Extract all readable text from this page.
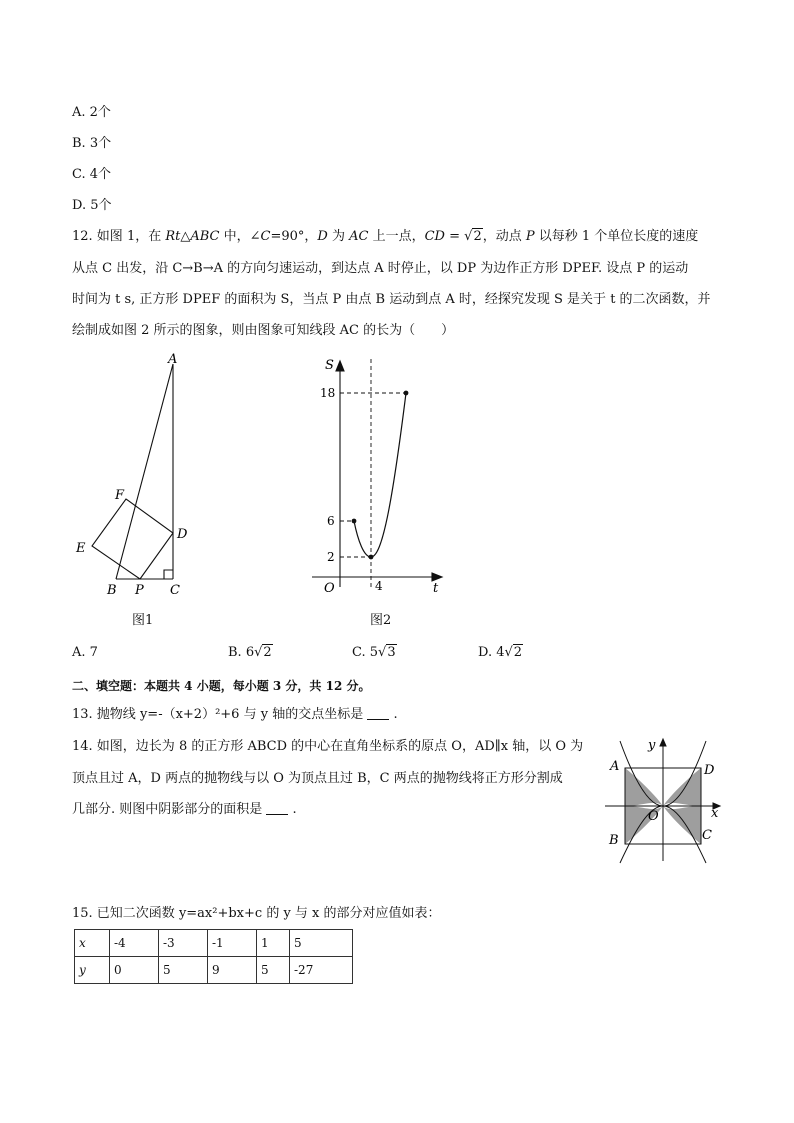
A. 2个
B. 3个
C. 4个
D. 5个
12. 如图 1，在 Rt△ABC 中，∠C=90°，D 为 AC 上一点，CD = √2，动点 P 以每秒 1 个单位长度的速度
从点 C 出发，沿 C→B→A 的方向匀速运动，到达点 A 时停止，以 DP 为边作正方形 DPEF. 设点 P 的运动
时间为 t s, 正方形 DPEF 的面积为 S，当点 P 由点 B 运动到点 A 时，经探究发现 S 是关于 t 的二次函数，并
绘制成如图 2 所示的图象，则由图象可知线段 AC 的长为（　　）
A
F
D
E
B P C
图1
S
18
6
2
O	4	t
图2
A. 7	B. 6√2	C. 5√3	D. 4√2
二、填空题：本题共 4 小题，每小题 3 分，共 12 分。
13. 抛物线 y=-（x+2）²+6 与 y 轴的交点坐标是  .
14. 如图，边长为 8 的正方形 ABCD 的中心在直角坐标系的原点 O，AD∥x 轴，以 O 为
顶点且过 A，D 两点的抛物线与以 O 为顶点且过 B，C 两点的抛物线将正方形分割成
几部分. 则图中阴影部分的面积是  .
A	D
y
x
O
B	C
15. 已知二次函数 y=ax²+bx+c 的 y 与 x 的部分对应值如表：
x	-4	-3	-1	1	5
y	0	5	9	5	-27
